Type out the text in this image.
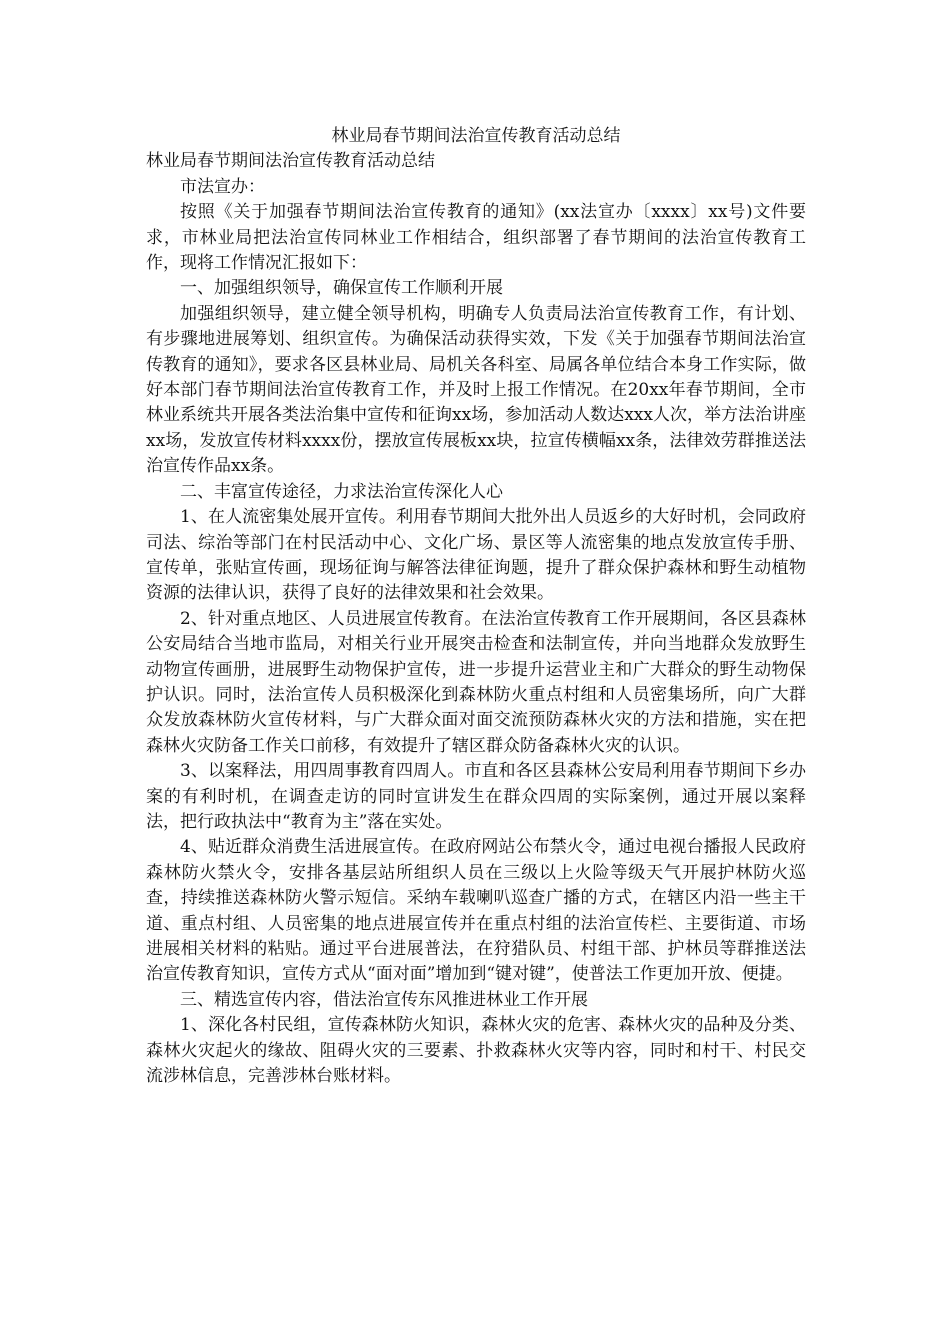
林业局春节期间法治宣传教育活动总结

林业局春节期间法治宣传教育活动总结

市法宣办：

按照《关于加强春节期间法治宣传教育的通知》(xx法宣办〔xxxx〕xx号)文件要求，市林业局把法治宣传同林业工作相结合，组织部署了春节期间的法治宣传教育工作，现将工作情况汇报如下：

一、加强组织领导，确保宣传工作顺利开展

加强组织领导，建立健全领导机构，明确专人负责局法治宣传教育工作，有计划、有步骤地进展筹划、组织宣传。为确保活动获得实效，下发《关于加强春节期间法治宣传教育的通知》，要求各区县林业局、局机关各科室、局属各单位结合本身工作实际，做好本部门春节期间法治宣传教育工作，并及时上报工作情况。在20xx年春节期间，全市林业系统共开展各类法治集中宣传和征询xx场，参加活动人数达xxx人次，举方法治讲座xx场，发放宣传材料xxxx份，摆放宣传展板xx块，拉宣传横幅xx条，法律效劳群推送法治宣传作品xx条。

二、丰富宣传途径，力求法治宣传深化人心

1、在人流密集处展开宣传。利用春节期间大批外出人员返乡的大好时机，会同政府司法、综治等部门在村民活动中心、文化广场、景区等人流密集的地点发放宣传手册、宣传单，张贴宣传画，现场征询与解答法律征询题，提升了群众保护森林和野生动植物资源的法律认识，获得了良好的法律效果和社会效果。

2、针对重点地区、人员进展宣传教育。在法治宣传教育工作开展期间，各区县森林公安局结合当地市监局，对相关行业开展突击检查和法制宣传，并向当地群众发放野生动物宣传画册，进展野生动物保护宣传，进一步提升运营业主和广大群众的野生动物保护认识。同时，法治宣传人员积极深化到森林防火重点村组和人员密集场所，向广大群众发放森林防火宣传材料，与广大群众面对面交流预防森林火灾的方法和措施，实在把森林火灾防备工作关口前移，有效提升了辖区群众防备森林火灾的认识。

3、以案释法，用四周事教育四周人。市直和各区县森林公安局利用春节期间下乡办案的有利时机，在调查走访的同时宣讲发生在群众四周的实际案例，通过开展以案释法，把行政执法中“教育为主”落在实处。

4、贴近群众消费生活进展宣传。在政府网站公布禁火令，通过电视台播报人民政府森林防火禁火令，安排各基层站所组织人员在三级以上火险等级天气开展护林防火巡查，持续推送森林防火警示短信。采纳车载喇叭巡查广播的方式，在辖区内沿一些主干道、重点村组、人员密集的地点进展宣传并在重点村组的法治宣传栏、主要街道、市场进展相关材料的粘贴。通过平台进展普法，在狩猎队员、村组干部、护林员等群推送法治宣传教育知识，宣传方式从“面对面”增加到“键对键”，使普法工作更加开放、便捷。

三、精选宣传内容，借法治宣传东风推进林业工作开展

1、深化各村民组，宣传森林防火知识，森林火灾的危害、森林火灾的品种及分类、森林火灾起火的缘故、阻碍火灾的三要素、扑救森林火灾等内容，同时和村干、村民交流涉林信息，完善涉林台账材料。
